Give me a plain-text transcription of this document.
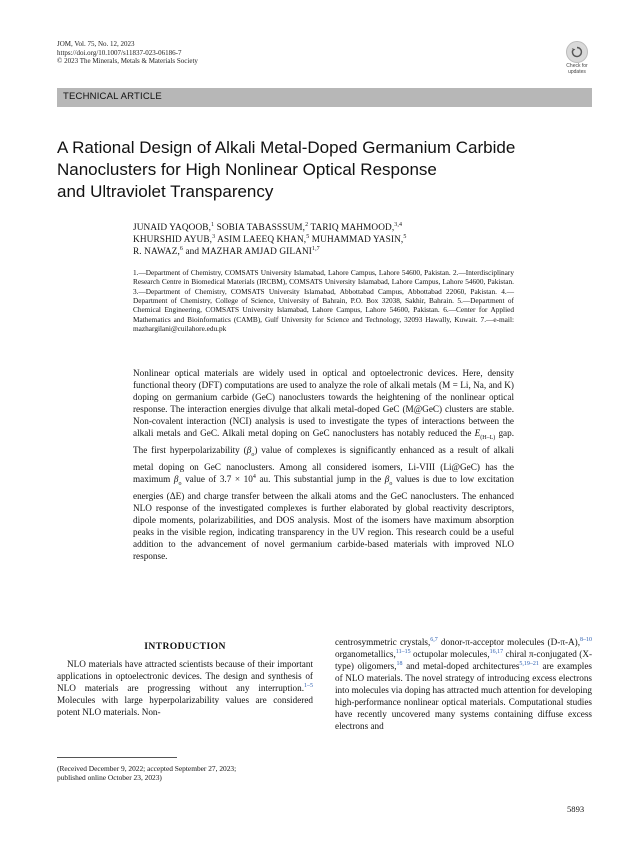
JOM, Vol. 75, No. 12, 2023
https://doi.org/10.1007/s11837-023-06186-7
© 2023 The Minerals, Metals & Materials Society
Check for
updates
TECHNICAL ARTICLE
A Rational Design of Alkali Metal-Doped Germanium Carbide
Nanoclusters for High Nonlinear Optical Response
and Ultraviolet Transparency
JUNAID YAQOOB,$^1$ SOBIA TABASSSUM,$^2$ TARIQ MAHMOOD,$^{3,4}$
KHURSHID AYUB,$^3$ ASIM LAEEQ KHAN,$^5$ MUHAMMAD YASIN,$^5$
R. NAWAZ,$^6$ and MAZHAR AMJAD GILANI$^{1,7}$
1.—Department of Chemistry, COMSATS University Islamabad, Lahore Campus, Lahore 54600, Pakistan. 2.—Interdisciplinary Research Centre in Biomedical Materials (IRCBM), COMSATS University Islamabad, Lahore Campus, Lahore 54600, Pakistan. 3.—Department of Chemistry, COMSATS University Islamabad, Abbottabad Campus, Abbottabad 22060, Pakistan. 4.—Department of Chemistry, College of Science, University of Bahrain, P.O. Box 32038, Sakhir, Bahrain. 5.—Department of Chemical Engineering, COMSATS University Islamabad, Lahore Campus, Lahore 54600, Pakistan. 6.—Center for Applied Mathematics and Bioinformatics (CAMB), Gulf University for Science and Technology, 32093 Hawally, Kuwait. 7.—e-mail: mazhargilani@cuilahore.edu.pk
Nonlinear optical materials are widely used in optical and optoelectronic devices. Here, density functional theory (DFT) computations are used to analyze the role of alkali metals (M = Li, Na, and K) doping on germanium carbide (GeC) nanoclusters towards the heightening of the nonlinear optical response. The interaction energies divulge that alkali metal-doped GeC (M@GeC) clusters are stable. Non-covalent interaction (NCI) analysis is used to investigate the types of interactions between the alkali metals and GeC. Alkali metal doping on GeC nanoclusters has notably reduced the $E_{(H-L)}$ gap. The first hyperpolarizability $(\beta_o)$ value of complexes is significantly enhanced as a result of alkali metal doping on GeC nanoclusters. Among all considered isomers, Li-VIII (Li@GeC) has the maximum $\beta_o$ value of $3.7 \times 10^4$ au. This substantial jump in the $\beta_o$ values is due to low excitation energies (ΔE) and charge transfer between the alkali atoms and the GeC nanoclusters. The enhanced NLO response of the investigated complexes is further elaborated by global reactivity descriptors, dipole moments, polarizabilities, and DOS analysis. Most of the isomers have maximum absorption peaks in the visible region, indicating transparency in the UV region. This research could be a useful addition to the advancement of novel germanium carbide-based materials with improved NLO response.
INTRODUCTION
NLO materials have attracted scientists because of their important applications in optoelectronic devices. The design and synthesis of NLO materials are progressing without any interruption.$^{1-5}$ Molecules with large hyperpolarizability values are considered potent NLO materials. Non-
centrosymmetric crystals,$^{6,7}$ donor-π-acceptor molecules (D-π-A),$^{8-10}$ organometallics,$^{11-15}$ octupolar molecules,$^{16,17}$ chiral π-conjugated (X-type) oligomers,$^{18}$ and metal-doped architectures$^{5,19-21}$ are examples of NLO materials. The novel strategy of introducing excess electrons into molecules via doping has attracted much attention for developing high-performance nonlinear optical materials. Computational studies have recently uncovered many systems containing diffuse excess electrons and
(Received December 9, 2022; accepted September 27, 2023;
published online October 23, 2023)
5893
